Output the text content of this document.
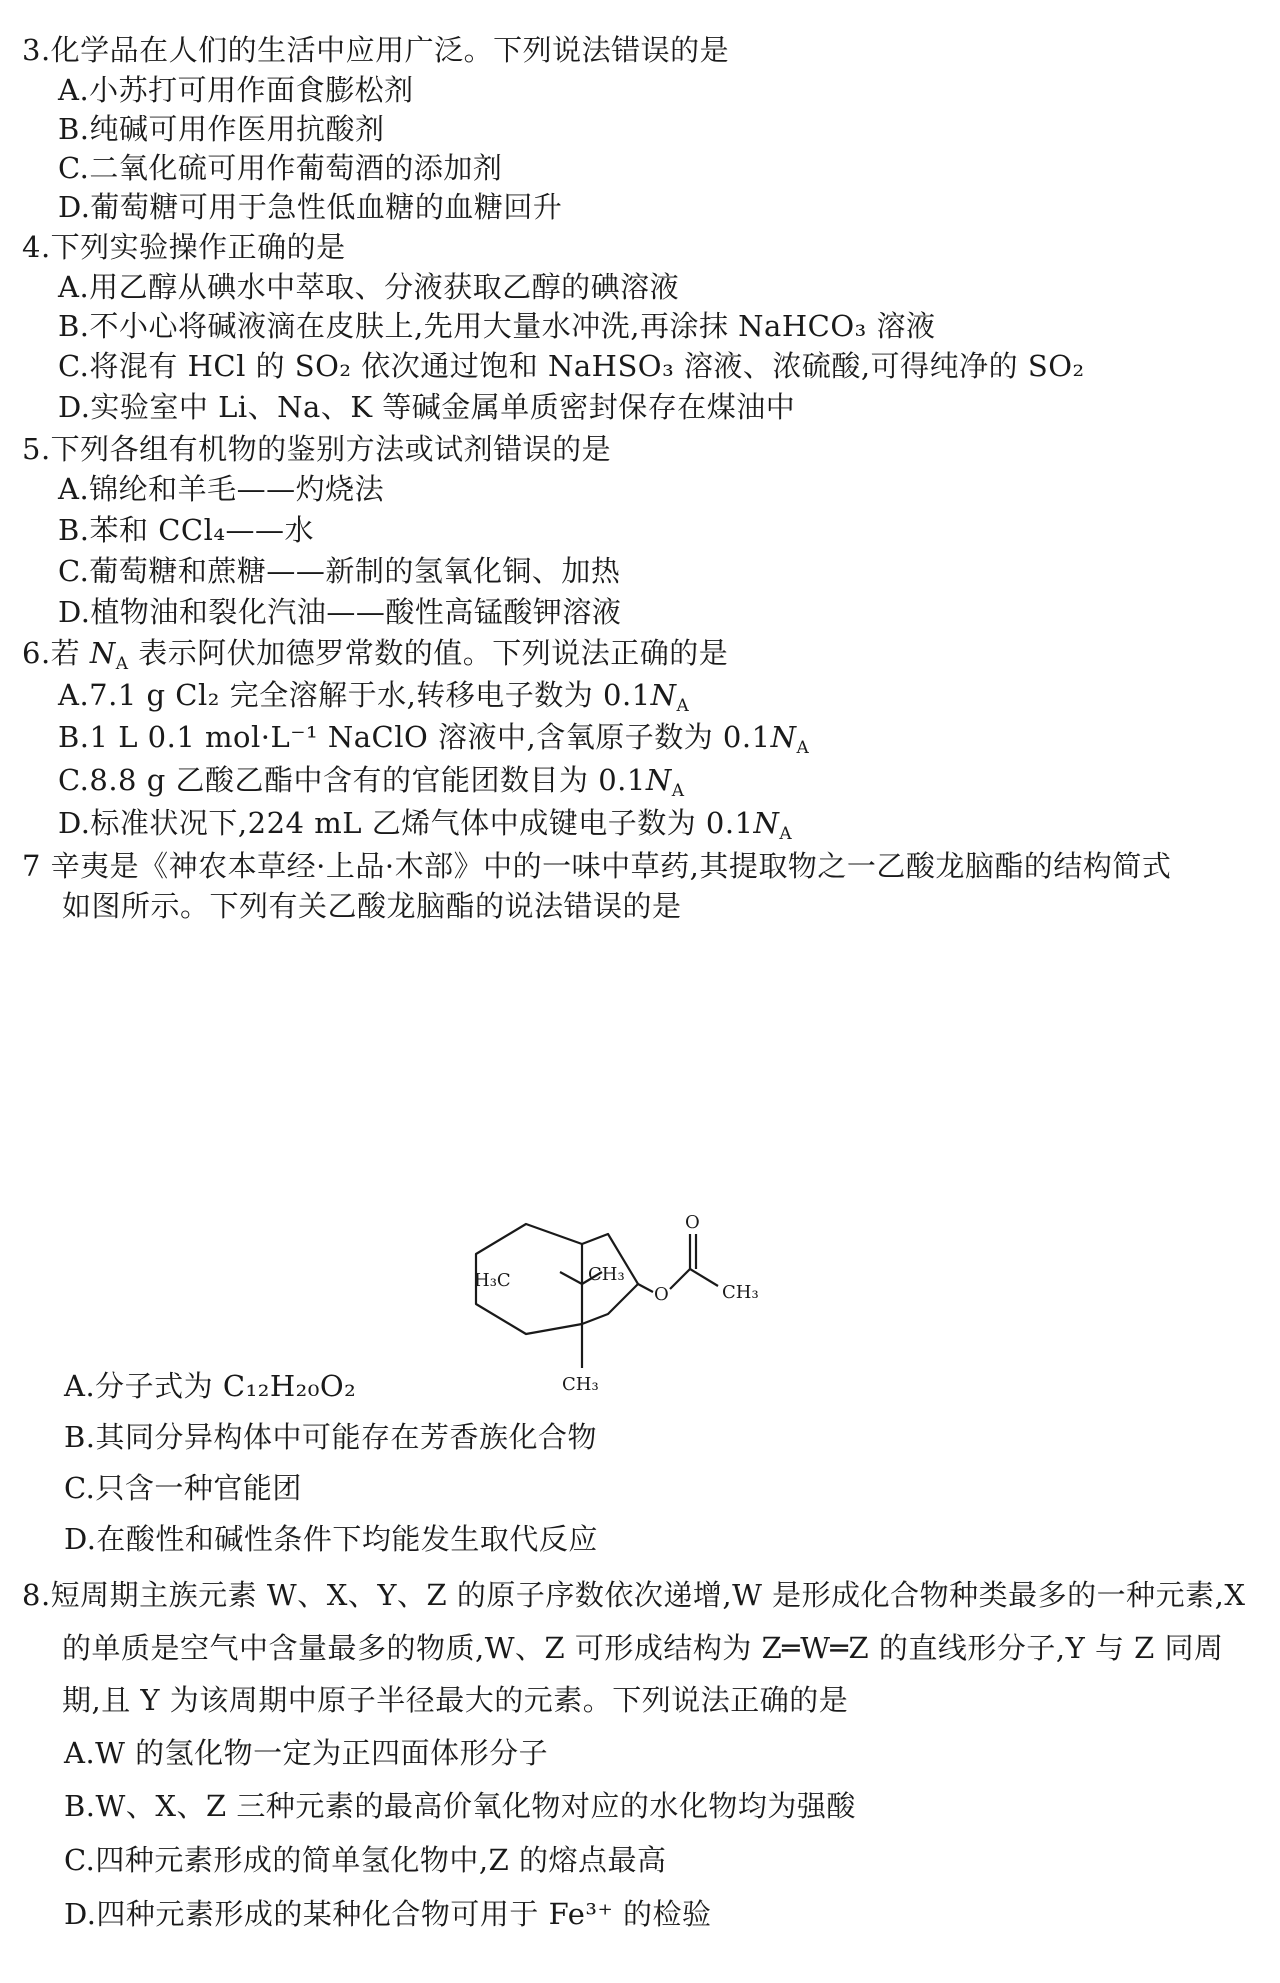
3.化学品在人们的生活中应用广泛。下列说法错误的是
A.小苏打可用作面食膨松剂
B.纯碱可用作医用抗酸剂
C.二氧化硫可用作葡萄酒的添加剂
D.葡萄糖可用于急性低血糖的血糖回升
4.下列实验操作正确的是
A.用乙醇从碘水中萃取、分液获取乙醇的碘溶液
B.不小心将碱液滴在皮肤上,先用大量水冲洗,再涂抹 NaHCO₃ 溶液
C.将混有 HCl 的 SO₂ 依次通过饱和 NaHSO₃ 溶液、浓硫酸,可得纯净的 SO₂
D.实验室中 Li、Na、K 等碱金属单质密封保存在煤油中
5.下列各组有机物的鉴别方法或试剂错误的是
A.锦纶和羊毛——灼烧法
B.苯和 CCl₄——水
C.葡萄糖和蔗糖——新制的氢氧化铜、加热
D.植物油和裂化汽油——酸性高锰酸钾溶液
6.若 $N_A$ 表示阿伏加德罗常数的值。下列说法正确的是
A.7.1 g Cl₂ 完全溶解于水,转移电子数为 $0.1N_A$
B.1 L 0.1 mol·L⁻¹ NaClO 溶液中,含氧原子数为 $0.1N_A$
C.8.8 g 乙酸乙酯中含有的官能团数目为 $0.1N_A$
D.标准状况下,224 mL 乙烯气体中成键电子数为 $0.1N_A$
7 辛夷是《神农本草经·上品·木部》中的一味中草药,其提取物之一乙酸龙脑酯的结构简式
如图所示。下列有关乙酸龙脑酯的说法错误的是
H₃C	CH₃
O
O
CH₃
CH₃
A.分子式为 C₁₂H₂₀O₂
B.其同分异构体中可能存在芳香族化合物
C.只含一种官能团
D.在酸性和碱性条件下均能发生取代反应
8.短周期主族元素 W、X、Y、Z 的原子序数依次递增,W 是形成化合物种类最多的一种元素,X
的单质是空气中含量最多的物质,W、Z 可形成结构为 Z═W═Z 的直线形分子,Y 与 Z 同周
期,且 Y 为该周期中原子半径最大的元素。下列说法正确的是
A.W 的氢化物一定为正四面体形分子
B.W、X、Z 三种元素的最高价氧化物对应的水化物均为强酸
C.四种元素形成的简单氢化物中,Z 的熔点最高
D.四种元素形成的某种化合物可用于 Fe³⁺ 的检验
